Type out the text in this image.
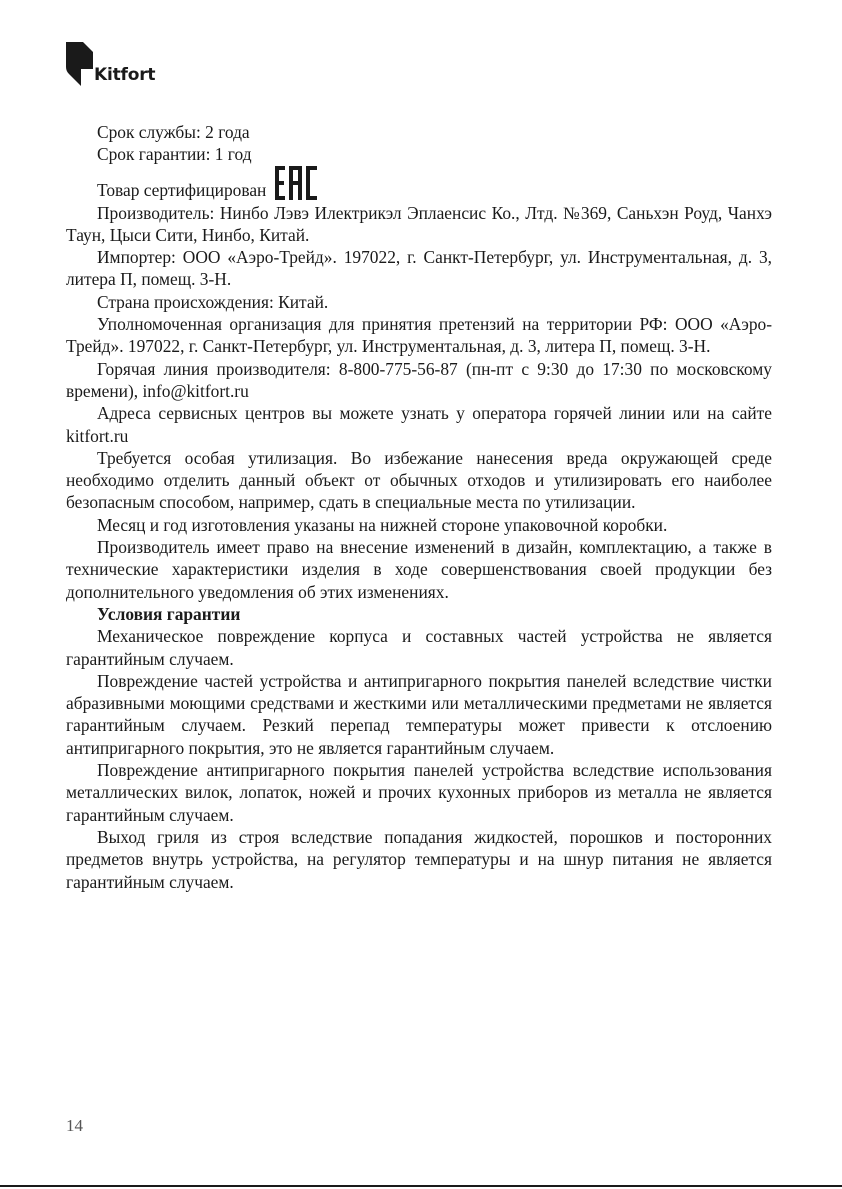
Kitfort

Срок службы: 2 года

Срок гарантии: 1 год

Товар сертифицирован

Производитель: Нинбо Лэвэ Илектрикэл Эплаенсис Ко., Лтд. №369, Саньхэн Роуд, Чанхэ Таун, Цыси Сити, Нинбо, Китай.

Импортер: ООО «Аэро-Трейд». 197022, г. Санкт-Петербург, ул. Инструментальная, д. 3, литера П, помещ. 3-Н.

Страна происхождения: Китай.

Уполномоченная организация для принятия претензий на территории РФ: ООО «Аэро-Трейд». 197022, г. Санкт-Петербург, ул. Инструментальная, д. 3, литера П, помещ. 3-Н.

Горячая линия производителя: 8-800-775-56-87 (пн-пт с 9:30 до 17:30 по московскому времени), info@kitfort.ru

Адреса сервисных центров вы можете узнать у оператора горячей линии или на сайте kitfort.ru

Требуется особая утилизация. Во избежание нанесения вреда окружающей среде необходимо отделить данный объект от обычных отходов и утилизировать его наиболее безопасным способом, например, сдать в специальные места по утилизации.

Месяц и год изготовления указаны на нижней стороне упаковочной коробки.

Производитель имеет право на внесение изменений в дизайн, комплектацию, а также в технические характеристики изделия в ходе совершенствования своей продукции без дополнительного уведомления об этих изменениях.

Условия гарантии

Механическое повреждение корпуса и составных частей устройства не является гарантийным случаем.

Повреждение частей устройства и антипригарного покрытия панелей вследствие чистки абразивными моющими средствами и жесткими или металлическими предметами не является гарантийным случаем. Резкий перепад температуры может привести к отслоению антипригарного покрытия, это не является гарантийным случаем.

Повреждение антипригарного покрытия панелей устройства вследствие использования металлических вилок, лопаток, ножей и прочих кухонных приборов из металла не является гарантийным случаем.

Выход гриля из строя вследствие попадания жидкостей, порошков и посторонних предметов внутрь устройства, на регулятор температуры и на шнур питания не является гарантийным случаем.

14
